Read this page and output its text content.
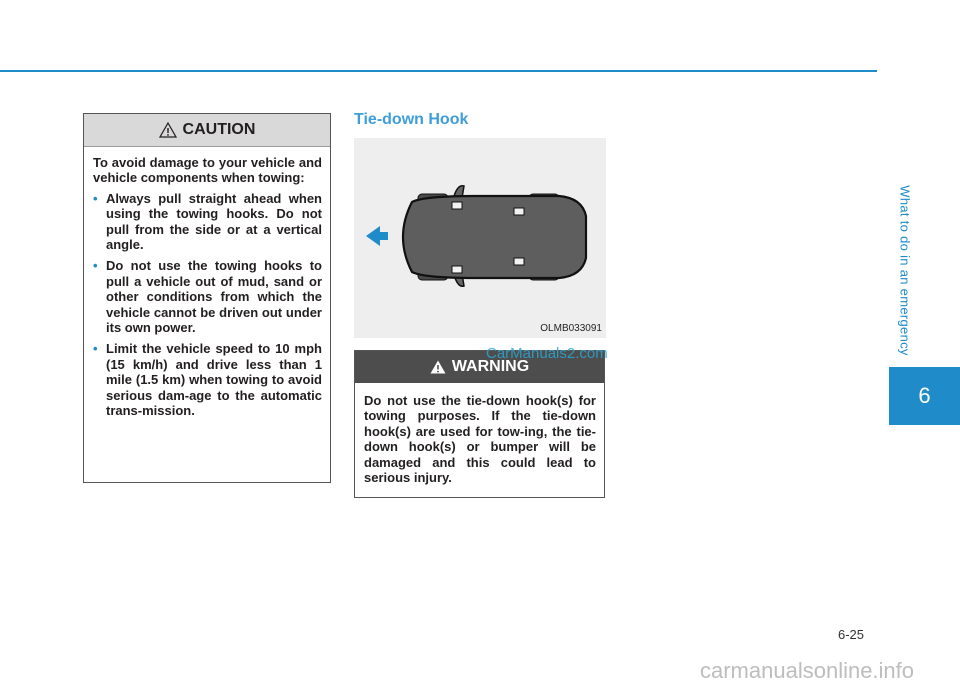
What to do in an emergency
6
6-25
CAUTION

To avoid damage to your vehicle and vehicle components when towing:

• Always pull straight ahead when using the towing hooks. Do not pull from the side or at a vertical angle.
• Do not use the towing hooks to pull a vehicle out of mud, sand or other conditions from which the vehicle cannot be driven out under its own power.
• Limit the vehicle speed to 10 mph (15 km/h) and drive less than 1 mile (1.5 km) when towing to avoid serious dam-age to the automatic trans-mission.
Tie-down Hook
OLMB033091
WARNING

Do not use the tie-down hook(s) for towing purposes. If the tie-down hook(s) are used for tow-ing, the tie-down hook(s) or bumper will be damaged and this could lead to serious injury.

CarManuals2.com
carmanualsonline.info
